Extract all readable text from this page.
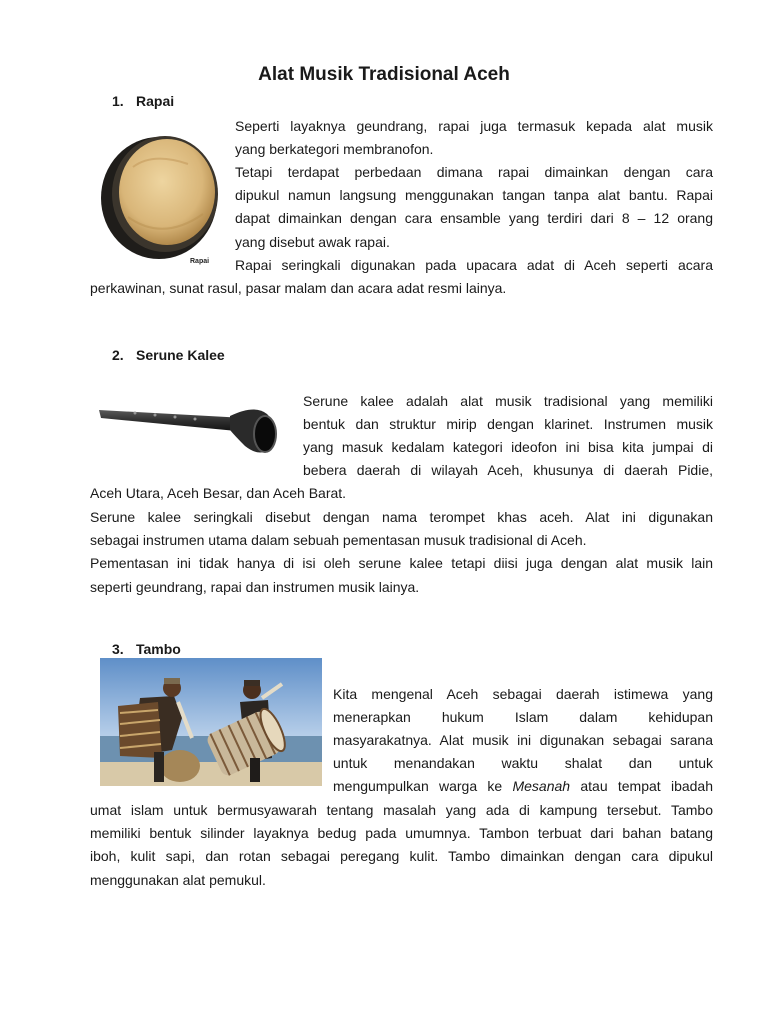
Alat Musik Tradisional Aceh
1. Rapai
Rapai

Seperti layaknya geundrang, rapai juga termasuk kepada alat musik

yang berkategori membranofon.

Tetapi terdapat perbedaan dimana rapai dimainkan dengan cara

dipukul namun langsung menggunakan tangan tanpa alat bantu. Rapai

dapat dimainkan dengan cara ensamble yang terdiri dari 8 – 12 orang

yang disebut awak rapai.

Rapai seringkali digunakan pada upacara adat di Aceh seperti acara

perkawinan, sunat rasul, pasar malam dan acara adat resmi lainya.

2. Serune Kalee

Serune kalee adalah alat musik tradisional yang memiliki

bentuk dan struktur mirip dengan klarinet. Instrumen musik

yang masuk kedalam kategori ideofon ini bisa kita jumpai di

bebera daerah di wilayah Aceh, khusunya di daerah Pidie,

Aceh Utara, Aceh Besar, dan Aceh Barat.

Serune kalee seringkali disebut dengan nama terompet khas aceh. Alat ini digunakan

sebagai instrumen utama dalam sebuah pementasan musuk tradisional di Aceh.

Pementasan ini tidak hanya di isi oleh serune kalee tetapi diisi juga dengan alat musik lain

seperti geundrang, rapai dan instrumen musik lainya.

3. Tambo

Kita mengenal Aceh sebagai daerah istimewa yang

menerapkan hukum Islam dalam kehidupan

masyarakatnya. Alat musik ini digunakan sebagai sarana

untuk menandakan waktu shalat dan untuk

mengumpulkan warga ke Mesanah atau tempat ibadah

umat islam untuk bermusyawarah tentang masalah yang ada di kampung tersebut. Tambo

memiliki bentuk silinder layaknya bedug pada umumnya. Tambon terbuat dari bahan batang

iboh, kulit sapi, dan rotan sebagai peregang kulit. Tambo dimainkan dengan cara dipukul

menggunakan alat pemukul.
